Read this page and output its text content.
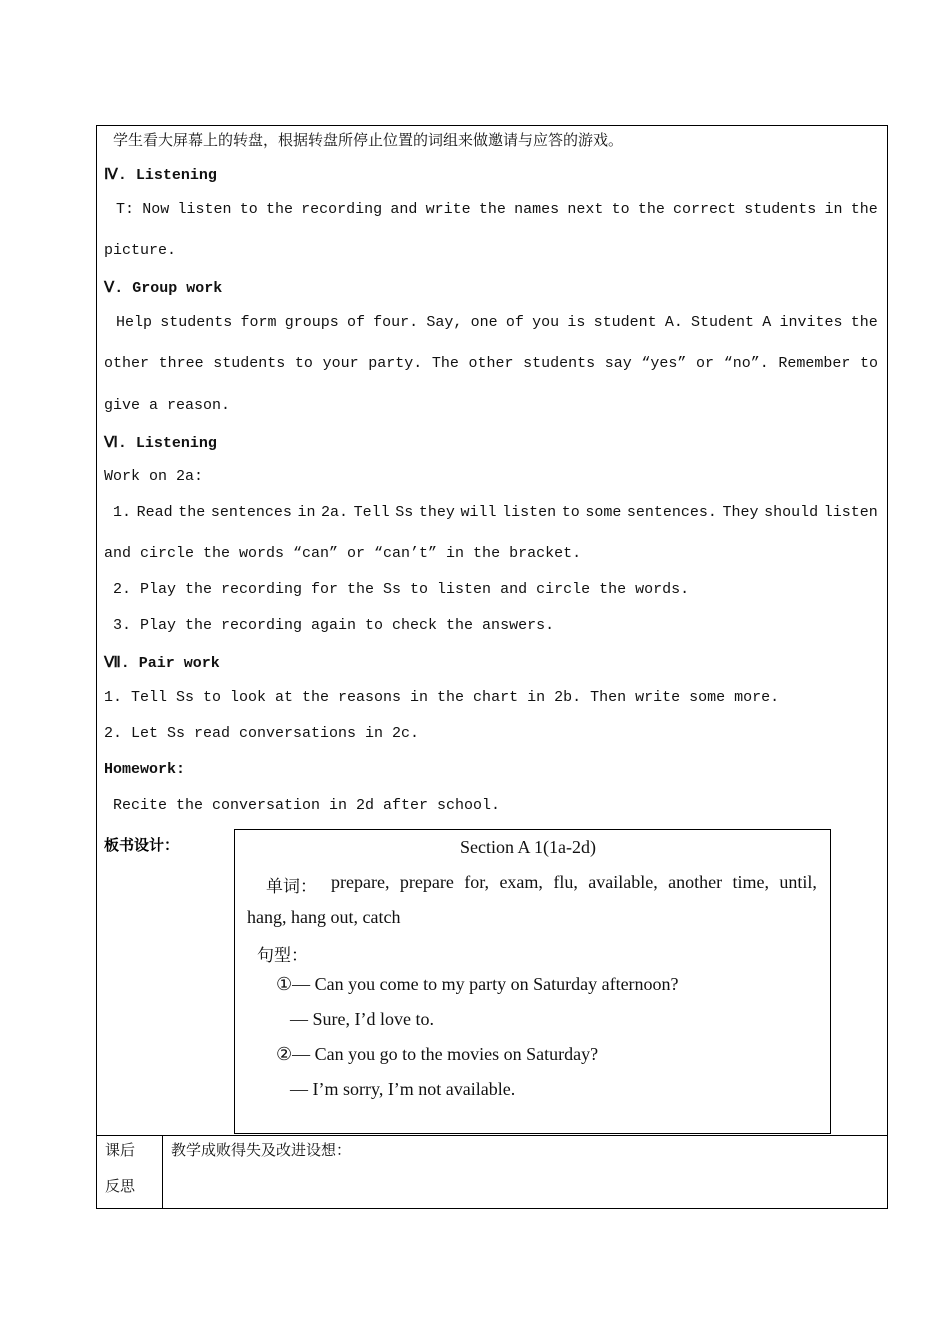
学生看大屏幕上的转盘，根据转盘所停止位置的词组来做邀请与应答的游戏。
Ⅳ. Listening
T: Now listen to the recording and write the names next to the correct students in the
picture.
Ⅴ. Group work
Help students form groups of four. Say, one of you is student A. Student A invites the
other three students to your party. The other students say “yes” or “no”. Remember to
give a reason.
Ⅵ. Listening
Work on 2a:
1. Read the sentences in 2a. Tell Ss they will listen to some sentences. They should listen
and circle the words “can” or “can’t” in the bracket.
2. Play the recording for the Ss to listen and circle the words.
3. Play the recording again to check the answers.
Ⅶ. Pair work
1. Tell Ss to look at the reasons in the chart in 2b. Then write some more.
2. Let Ss read conversations in 2c.
Homework:
Recite the conversation in 2d after school.
板书设计：	Section A 1(1a-2d)
单词： prepare, prepare for, exam, flu, available, another time, until,
hang, hang out, catch
句型：
①— Can you come to my party on Saturday afternoon?
— Sure, I’d love to.
②— Can you go to the movies on Saturday?
— I’m sorry, I’m not available.
课后
反思
教学成败得失及改进设想：
